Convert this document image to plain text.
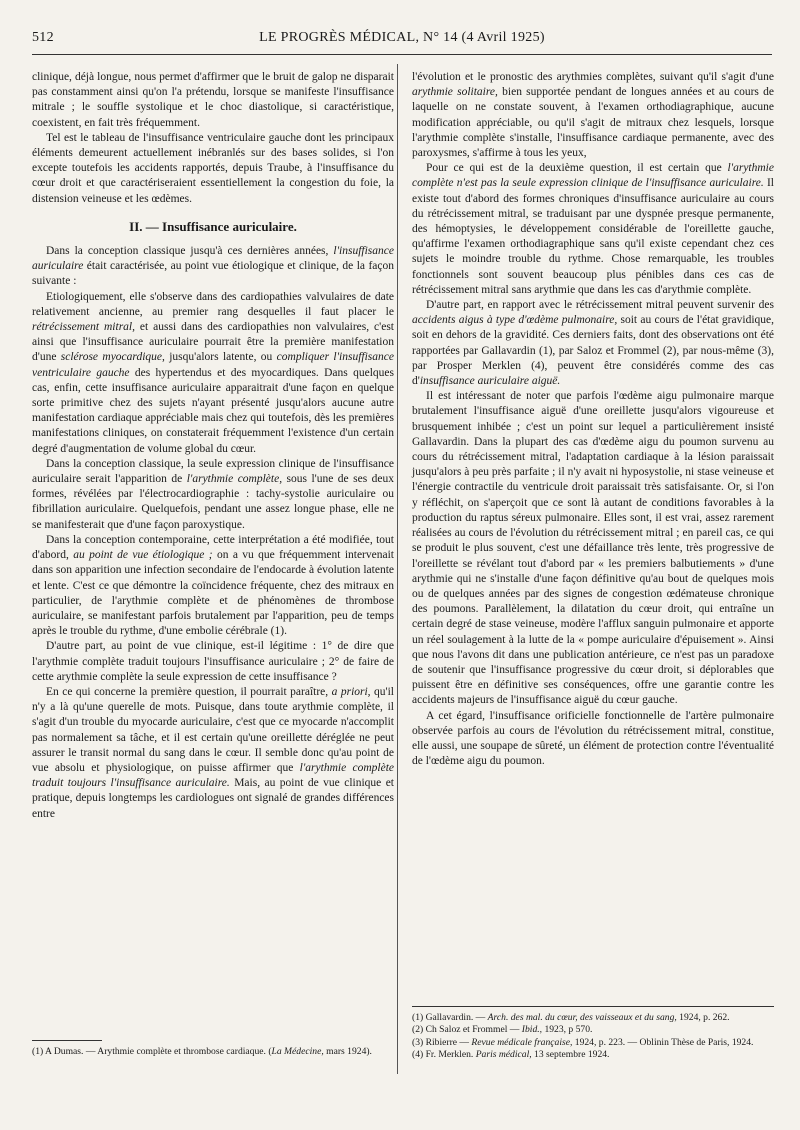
512	LE PROGRÈS MÉDICAL, N° 14 (4 Avril 1925)

clinique, déjà longue, nous permet d'affirmer que le bruit de galop ne disparait pas constamment ainsi qu'on l'a prétendu, lorsque se manifeste l'insuffisance mitrale ; le souffle systolique et le choc diastolique, si caractéristique, coexistent, en fait très fréquemment.

Tel est le tableau de l'insuffisance ventriculaire gauche dont les principaux éléments demeurent actuellement inébranlés sur des bases solides, si l'on excepte toutefois les accidents rapportés, depuis Traube, à l'insuffisance du cœur droit et que caractériseraient essentiellement la congestion du foie, la distension veineuse et les œdèmes.

II. — Insuffisance auriculaire.

Dans la conception classique jusqu'à ces dernières années, l'insuffisance auriculaire était caractérisée, au point vue étiologique et clinique, de la façon suivante :

Etiologiquement, elle s'observe dans des cardiopathies valvulaires de date relativement ancienne, au premier rang desquelles il faut placer le rétrécissement mitral, et aussi dans des cardiopathies non valvulaires, c'est ainsi que l'insuffisance auriculaire pourrait être la première manifestation d'une sclérose myocardique, jusqu'alors latente, ou compliquer l'insuffisance ventriculaire gauche des hypertendus et des myocardiques. Dans quelques cas, enfin, cette insuffisance auriculaire apparaitrait d'une façon en quelque sorte primitive chez des sujets n'ayant présenté jusqu'alors aucune autre manifestation cardiaque appréciable mais chez qui toutefois, dès les premières manifestations cliniques, on constaterait fréquemment l'existence d'un certain degré d'augmentation de volume global du cœur.

Dans la conception classique, la seule expression clinique de l'insuffisance auriculaire serait l'apparition de l'arythmie complète, sous l'une de ses deux formes, révélées par l'électrocardiographie : tachy-systolie auriculaire ou fibrillation auriculaire. Quelquefois, pendant une assez longue phase, elle ne se manifesterait que d'une façon paroxystique.

Dans la conception contemporaine, cette interprétation a été modifiée, tout d'abord, au point de vue étiologique ; on a vu que fréquemment intervenait dans son apparition une infection secondaire de l'endocarde à évolution latente et lente. C'est ce que démontre la coïncidence fréquente, chez des mitraux en particulier, de l'arythmie complète et de phénomènes de thrombose auriculaire, se manifestant parfois brutalement par l'apparition, peu de temps après le trouble du rythme, d'une embolie cérébrale (1).

D'autre part, au point de vue clinique, est-il légitime : 1° de dire que l'arythmie complète traduit toujours l'insuffisance auriculaire ; 2° de faire de cette arythmie complète la seule expression de cette insuffisance ?

En ce qui concerne la première question, il pourrait paraître, a priori, qu'il n'y a là qu'une querelle de mots. Puisque, dans toute arythmie complète, il s'agit d'un trouble du myocarde auriculaire, c'est que ce myocarde n'accomplit pas normalement sa tâche, et il est certain qu'une oreillette déréglée ne peut assurer le transit normal du sang dans le cœur. Il semble donc qu'au point de vue absolu et physiologique, on puisse affirmer que l'arythmie complète traduit toujours l'insuffisance auriculaire. Mais, au point de vue clinique et pratique, depuis longtemps les cardiologues ont signalé de grandes différences entre

l'évolution et le pronostic des arythmies complètes, suivant qu'il s'agit d'une arythmie solitaire, bien supportée pendant de longues années et au cours de laquelle on ne constate souvent, à l'examen orthodiagraphique, aucune modification appréciable, ou qu'il s'agit de mitraux chez lesquels, lorsque l'arythmie complète s'installe, l'insuffisance cardiaque permanente, avec des paroxysmes, s'affirme à tous les yeux,

Pour ce qui est de la deuxième question, il est certain que l'arythmie complète n'est pas la seule expression clinique de l'insuffisance auriculaire. Il existe tout d'abord des formes chroniques d'insuffisance auriculaire au cours du rétrécissement mitral, se traduisant par une dyspnée presque permanente, des hémoptysies, le développement considérable de l'oreillette gauche, qu'affirme l'examen orthodiagraphique sans qu'il existe cependant chez ces sujets le moindre trouble du rythme. Chose remarquable, les troubles fonctionnels sont souvent beaucoup plus pénibles dans ces cas de rétrécissement mitral sans arythmie que dans les cas d'arythmie complète.

D'autre part, en rapport avec le rétrécissement mitral peuvent survenir des accidents aigus à type d'œdème pulmonaire, soit au cours de l'état gravidique, soit en dehors de la gravidité. Ces derniers faits, dont des observations ont été rapportées par Gallavardin (1), par Saloz et Frommel (2), par nous-même (3), par Prosper Merklen (4), peuvent être considérés comme des cas d'insuffisance auriculaire aiguë.

Il est intéressant de noter que parfois l'œdème aigu pulmonaire marque brutalement l'insuffisance aiguë d'une oreillette jusqu'alors vigoureuse et brusquement inhibée ; c'est un point sur lequel a particulièrement insisté Gallavardin. Dans la plupart des cas d'œdème aigu du poumon survenu au cours du rétrécissement mitral, l'adaptation cardiaque à la lésion paraissait jusqu'alors à peu près parfaite ; il n'y avait ni hyposystolie, ni stase veineuse et l'énergie contractile du ventricule droit paraissait très satisfaisante. Or, si l'on y réfléchit, on s'aperçoit que ce sont là autant de conditions favorables à la production du raptus séreux pulmonaire. Elles sont, il est vrai, assez rarement réalisées au cours de l'évolution du rétrécissement mitral ; en pareil cas, ce qui se produit le plus souvent, c'est une défaillance très lente, très progressive de l'oreillette se révélant tout d'abord par « les premiers balbutiements » d'une arythmie qui ne s'installe d'une façon définitive qu'au bout de quelques mois ou de quelques années par des signes de congestion œdémateuse chronique des poumons. Parallèlement, la dilatation du cœur droit, qui entraîne un certain degré de stase veineuse, modère l'afflux sanguin pulmonaire et apporte un réel soulagement à la lutte de la « pompe auriculaire d'épuisement ». Ainsi que nous l'avons dit dans une publication antérieure, ce n'est pas un paradoxe de soutenir que l'insuffisance progressive du cœur droit, si déplorables que puissent être en définitive ses conséquences, offre une garantie contre les accidents majeurs de l'insuffisance aiguë du cœur gauche.

A cet égard, l'insuffisance orificielle fonctionnelle de l'artère pulmonaire observée parfois au cours de l'évolution du rétrécissement mitral, constitue, elle aussi, une soupape de sûreté, un élément de protection contre l'éventualité de l'œdème aigu du poumon.

(1) A Dumas. — Arythmie complète et thrombose cardiaque. (La Médecine, mars 1924).

(1) Gallavardin. — Arch. des mal. du cœur, des vaisseaux et du sang, 1924, p. 262.

(2) Ch Saloz et Frommel — Ibid., 1923, p 570.

(3) Ribierre — Revue médicale française, 1924, p. 223. — Oblinin Thèse de Paris, 1924.

(4) Fr. Merklen. Paris médical, 13 septembre 1924.
